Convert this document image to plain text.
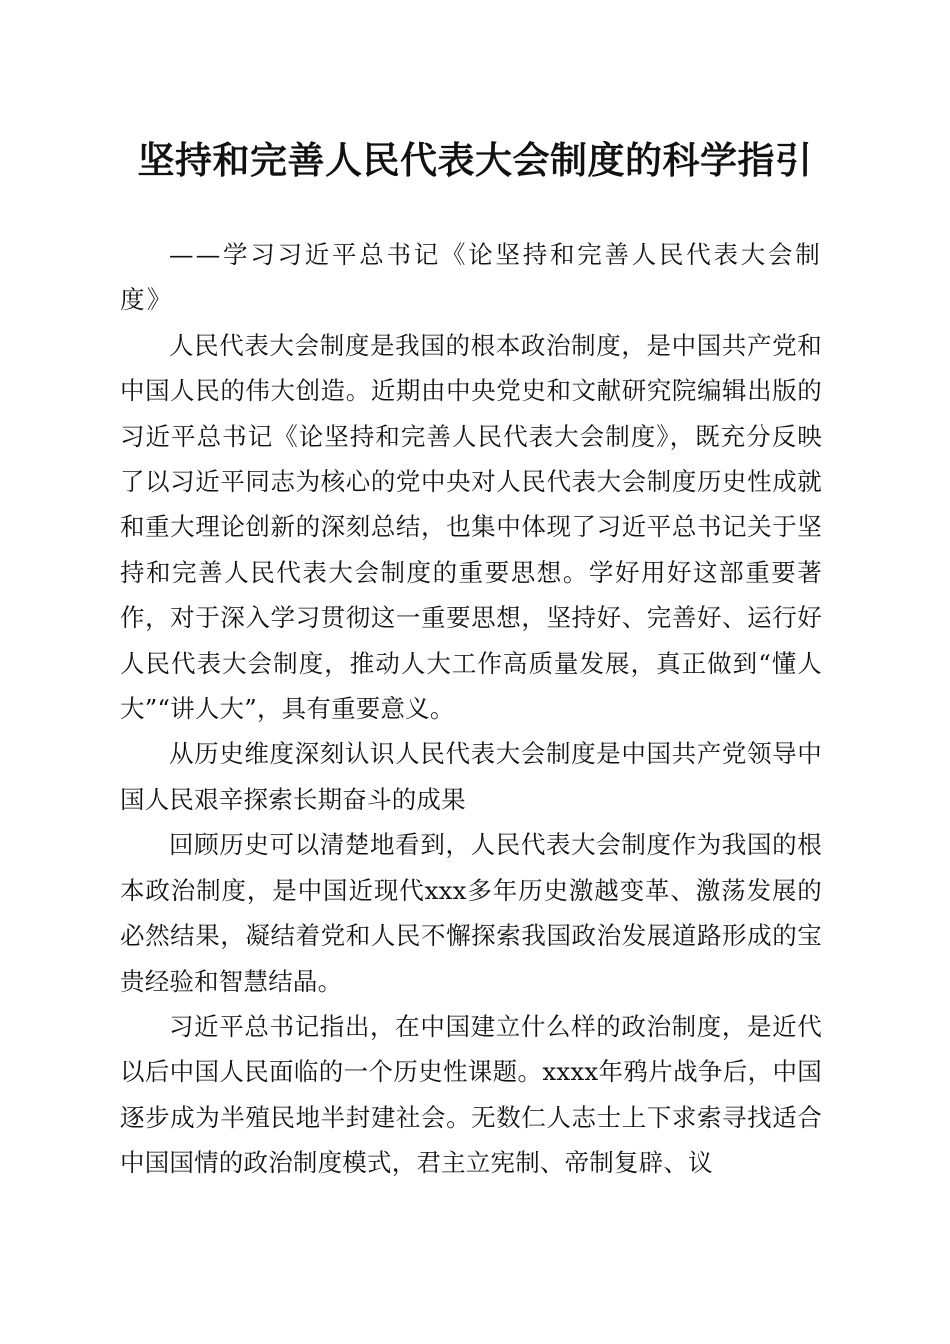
坚持和完善人民代表大会制度的科学指引

——学习习近平总书记《论坚持和完善人民代表大会制度》

人民代表大会制度是我国的根本政治制度，是中国共产党和中国人民的伟大创造。近期由中央党史和文献研究院编辑出版的习近平总书记《论坚持和完善人民代表大会制度》，既充分反映了以习近平同志为核心的党中央对人民代表大会制度历史性成就和重大理论创新的深刻总结，也集中体现了习近平总书记关于坚持和完善人民代表大会制度的重要思想。学好用好这部重要著作，对于深入学习贯彻这一重要思想，坚持好、完善好、运行好人民代表大会制度，推动人大工作高质量发展，真正做到“懂人大”“讲人大”，具有重要意义。

从历史维度深刻认识人民代表大会制度是中国共产党领导中国人民艰辛探索长期奋斗的成果

回顾历史可以清楚地看到，人民代表大会制度作为我国的根本政治制度，是中国近现代xxx多年历史激越变革、激荡发展的必然结果，凝结着党和人民不懈探索我国政治发展道路形成的宝贵经验和智慧结晶。

习近平总书记指出，在中国建立什么样的政治制度，是近代以后中国人民面临的一个历史性课题。xxxx年鸦片战争后，中国逐步成为半殖民地半封建社会。无数仁人志士上下求索寻找适合中国国情的政治制度模式，君主立宪制、帝制复辟、议
